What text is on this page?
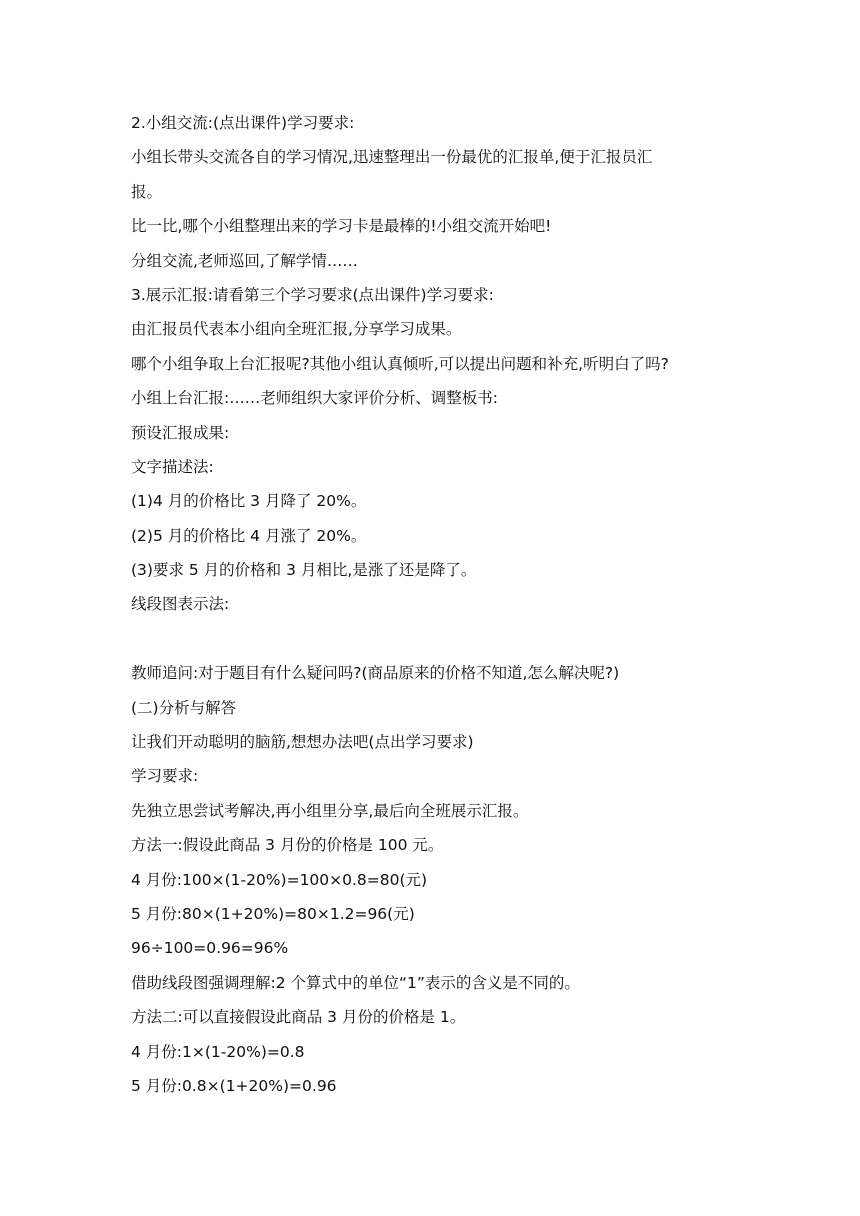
2.小组交流:(点出课件)学习要求:
小组长带头交流各自的学习情况,迅速整理出一份最优的汇报单,便于汇报员汇
报。
比一比,哪个小组整理出来的学习卡是最棒的!小组交流开始吧!
分组交流,老师巡回,了解学情……
3.展示汇报:请看第三个学习要求(点出课件)学习要求:
由汇报员代表本小组向全班汇报,分享学习成果。
哪个小组争取上台汇报呢?其他小组认真倾听,可以提出问题和补充,听明白了吗?
小组上台汇报:……老师组织大家评价分析、调整板书:
预设汇报成果:
文字描述法:
(1)4 月的价格比 3 月降了 20%。
(2)5 月的价格比 4 月涨了 20%。
(3)要求 5 月的价格和 3 月相比,是涨了还是降了。
线段图表示法:
教师追问:对于题目有什么疑问吗?(商品原来的价格不知道,怎么解决呢?)
(二)分析与解答
让我们开动聪明的脑筋,想想办法吧(点出学习要求)
学习要求:
先独立思尝试考解决,再小组里分享,最后向全班展示汇报。
方法一:假设此商品 3 月份的价格是 100 元。
4 月份:100×(1-20%)=100×0.8=80(元)
5 月份:80×(1+20%)=80×1.2=96(元)
96÷100=0.96=96%
借助线段图强调理解:2 个算式中的单位“1”表示的含义是不同的。
方法二:可以直接假设此商品 3 月份的价格是 1。
4 月份:1×(1-20%)=0.8
5 月份:0.8×(1+20%)=0.96
